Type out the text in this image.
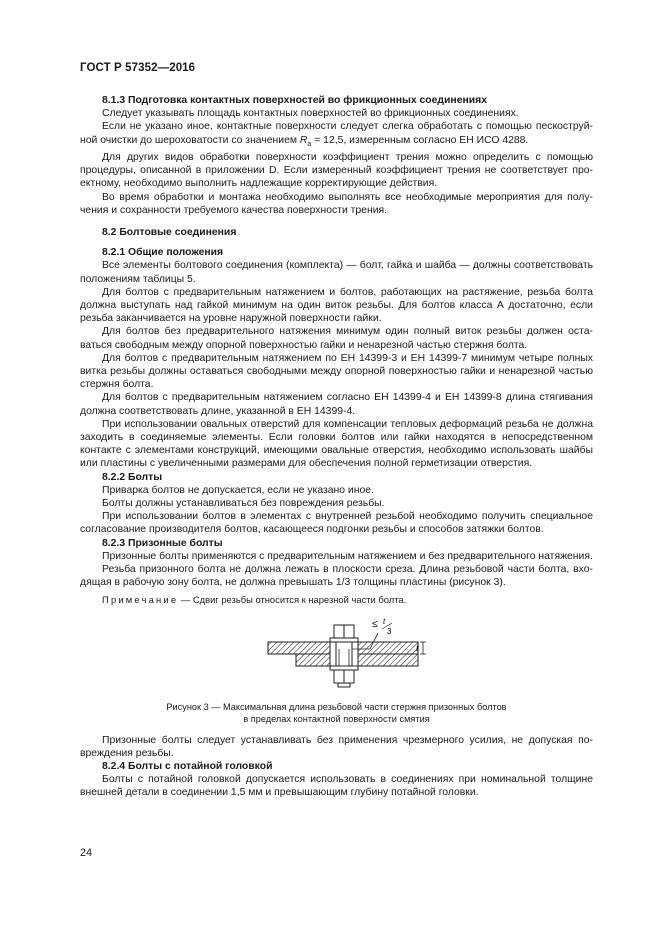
ГОСТ Р 57352—2016
8.1.3 Подготовка контактных поверхностей во фрикционных соединениях

Следует указывать площадь контактных поверхностей во фрикционных соединениях.

Если не указано иное, контактные поверхности следует слегка обработать с помощью пескоструйной очистки до шероховатости со значением $R_a = 12,5$, измеренным согласно ЕН ИСО 4288.

Для других видов обработки поверхности коэффициент трения можно определить с помощью процедуры, описанной в приложении D. Если измеренный коэффициент трения не соответствует проектному, необходимо выполнить надлежащие корректирующие действия.

Во время обработки и монтажа необходимо выполнять все необходимые мероприятия для получения и сохранности требуемого качества поверхности трения.

8.2 Болтовые соединения
8.2.1 Общие положения

Все элементы болтового соединения (комплекта) — болт, гайка и шайба — должны соответствовать положениям таблицы 5.

Для болтов с предварительным натяжением и болтов, работающих на растяжение, резьба болта должна выступать над гайкой минимум на один виток резьбы. Для болтов класса А достаточно, если резьба заканчивается на уровне наружной поверхности гайки.

Для болтов без предварительного натяжения минимум один полный виток резьбы должен оставаться свободным между опорной поверхностью гайки и ненарезной частью стержня болта.

Для болтов с предварительным натяжением по ЕН 14399-3 и ЕН 14399-7 минимум четыре полных витка резьбы должны оставаться свободными между опорной поверхностью гайки и ненарезной частью стержня болта.

Для болтов с предварительным натяжением согласно ЕН 14399-4 и ЕН 14399-8 длина стягивания должна соответствовать длине, указанной в ЕН 14399-4.

При использовании овальных отверстий для компенсации тепловых деформаций резьба не должна заходить в соединяемые элементы. Если головки болтов или гайки находятся в непосредственном контакте с элементами конструкций, имеющими овальные отверстия, необходимо использовать шайбы или пластины с увеличенными размерами для обеспечения полной герметизации отверстия.

8.2.2 Болты

Приварка болтов не допускается, если не указано иное.

Болты должны устанавливаться без повреждения резьбы.

При использовании болтов в элементах с внутренней резьбой необходимо получить специальное согласование производителя болтов, касающееся подгонки резьбы и способов затяжки болтов.

8.2.3 Призонные болты

Призонные болты применяются с предварительным натяжением и без предварительного натяжения.

Резьба призонного болта не должна лежать в плоскости среза. Длина резьбовой части болта, входящая в рабочую зону болта, не должна превышать 1/3 толщины пластины (рисунок 3).

Примечание — Сдвиг резьбы относится к нарезной части болта.
≤ t
3
t
Рисунок 3 — Максимальная длина резьбовой части стержня призонных болтов
в пределах контактной поверхности смятия

Призонные болты следует устанавливать без применения чрезмерного усилия, не допуская повреждения резьбы.

8.2.4 Болты с потайной головкой

Болты с потайной головкой допускается использовать в соединениях при номинальной толщине внешней детали в соединении 1,5 мм и превышающим глубину потайной головки.

24
